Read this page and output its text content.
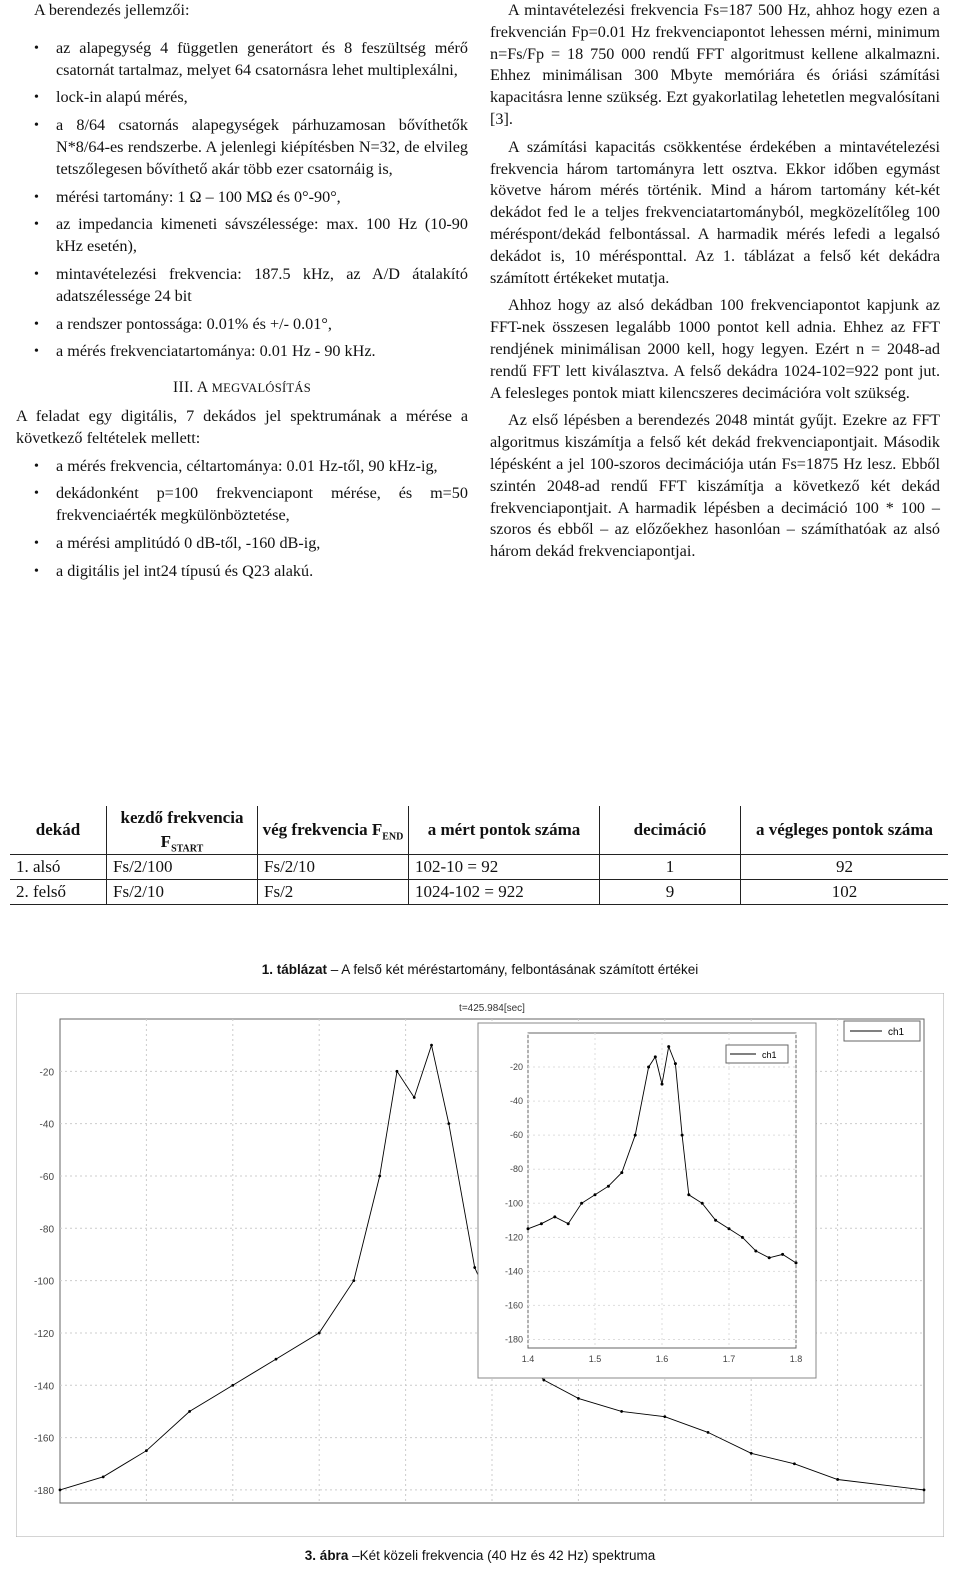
A berendezés jellemzői:

• az alapegység 4 független generátort és 8 feszültség mérő csatornát tartalmaz, melyet 64 csatornásra lehet multiplexálni,
• lock-in alapú mérés,
• a 8/64 csatornás alapegységek párhuzamosan bővíthetők N*8/64-es rendszerbe. A jelenlegi kiépítésben N=32, de elvileg tetszőlegesen bővíthető akár több ezer csatornáig is,
• mérési tartomány: 1 Ω – 100 MΩ és 0°-90°,
• az impedancia kimeneti sávszélessége: max. 100 Hz (10-90 kHz esetén),
• mintavételezési frekvencia: 187.5 kHz, az A/D átalakító adatszélessége 24 bit
• a rendszer pontossága: 0.01% és +/- 0.01°,
• a mérés frekvenciatartománya: 0.01 Hz - 90 kHz.
III. A MEGVALÓSÍTÁS

A feladat egy digitális, 7 dekádos jel spektrumának a mérése a következő feltételek mellett:

• a mérés frekvencia, céltartománya: 0.01 Hz-től, 90 kHz-ig,
• dekádonként p=100 frekvenciapont mérése, és m=50 frekvenciaérték megkülönböztetése,
• a mérési amplitúdó 0 dB-től, -160 dB-ig,
• a digitális jel int24 típusú és Q23 alakú.

A mintavételezési frekvencia Fs=187 500 Hz, ahhoz hogy ezen a frekvencián Fp=0.01 Hz frekvenciapontot lehessen mérni, minimum n=Fs/Fp = 18 750 000 rendű FFT algoritmust kellene alkalmazni. Ehhez minimálisan 300 Mbyte memóriára és óriási számítási kapacitásra lenne szükség. Ezt gyakorlatilag lehetetlen megvalósítani [3].

A számítási kapacitás csökkentése érdekében a mintavételezési frekvencia három tartományra lett osztva. Ekkor időben egymást követve három mérés történik. Mind a három tartomány két-két dekádot fed le a teljes frekvenciatartományból, megközelítőleg 100 méréspont/dekád felbontással. A harmadik mérés lefedi a legalsó dekádot is, 10 mérésponttal. Az 1. táblázat a felső két dekádra számított értékeket mutatja.

Ahhoz hogy az alsó dekádban 100 frekvenciapontot kapjunk az FFT-nek összesen legalább 1000 pontot kell adnia. Ehhez az FFT rendjének minimálisan 2000 kell, hogy legyen. Ezért n = 2048-ad rendű FFT lett kiválasztva. A felső dekádra 1024-102=922 pont jut. A felesleges pontok miatt kilencszeres decimációra volt szükség.

Az első lépésben a berendezés 2048 mintát gyűjt. Ezekre az FFT algoritmus kiszámítja a felső két dekád frekvenciapontjait. Második lépésként a jel 100-szoros decimációja után Fs=1875 Hz lesz. Ebből szintén 2048-ad rendű FFT kiszámítja a következő két dekád frekvenciapontjait. A harmadik lépésben a decimáció 100 * 100 –szoros és ebből – az előzőekhez hasonlóan – számíthatóak az alsó három dekád frekvenciapontjai.

dekád	kezdő frekvencia $F_{START}$	vég frekvencia $F_{END}$	a mért pontok száma	decimáció	a végleges pontok száma
1. alsó	Fs/2/100	Fs/2/10	102-10 = 92	1	92
2. felső	Fs/2/10	Fs/2	1024-102 = 922	9	102
1. táblázat – A felső két méréstartomány, felbontásának számított értékei
-20
-40
-60
-80
-100
-120
-140
-160
-180
t=425.984[sec]
ch1
-20
-40
-60
-80
-100
-120
-140
-160
-180
1.4	1.5	1.6	1.7	1.8
ch1
3. ábra –Két közeli frekvencia (40 Hz és 42 Hz) spektruma
